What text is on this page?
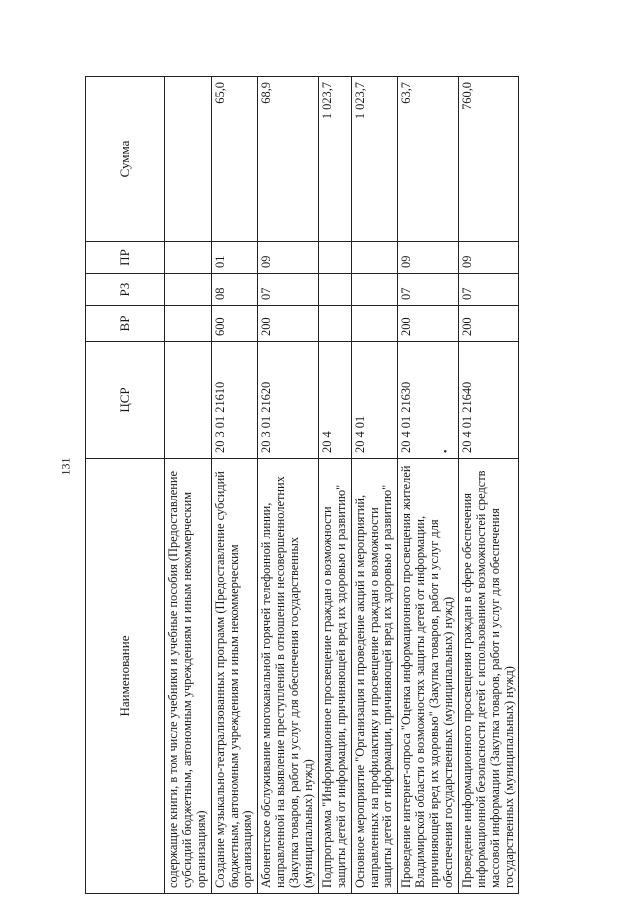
131
Наименование	ЦСР	ВР	РЗ	ПР	Сумма
содержащие книги, в том числе учебники и учебные пособия (Предоставление субсидий бюджетным, автономным учреждениям и иным некоммерческим организациям)					
Создание музыкально-театрализованных программ (Предоставление субсидий бюджетным, автономным учреждениям и иным некоммерческим организациям)	20 3 01 21610	600	08	01	65,0
Абонентское обслуживание многоканальной горячей телефонной линии, направленной на выявление преступлений в отношении несовершеннолетних (Закупка товаров, работ и услуг для обеспечения государственных (муниципальных) нужд)	20 3 01 21620	200	07	09	68,9
Подпрограмма "Информационное просвещение граждан о возможности защиты детей от информации, причиняющей вред их здоровью и развитию"	20 4				1 023,7
Основное мероприятие "Организация и проведение акций и мероприятий, направленных на профилактику и просвещение граждан о возможности защиты детей от информации, причиняющей вред их здоровью и развитию"	20 4 01				1 023,7
Проведение интернет-опроса "Оценка информационного просвещения жителей Владимирской области о возможностях защиты детей от информации, причиняющей вред их здоровью" (Закупка товаров, работ и услуг для обеспечения государственных (муниципальных) нужд)	20 4 01 21630 •	200	07	09	63,7
Проведение информационного просвещения граждан в сфере обеспечения информационной безопасности детей с использованием возможностей средств массовой информации (Закупка товаров, работ и услуг для обеспечения государственных (муниципальных) нужд)	20 4 01 21640	200	07	09	760,0
